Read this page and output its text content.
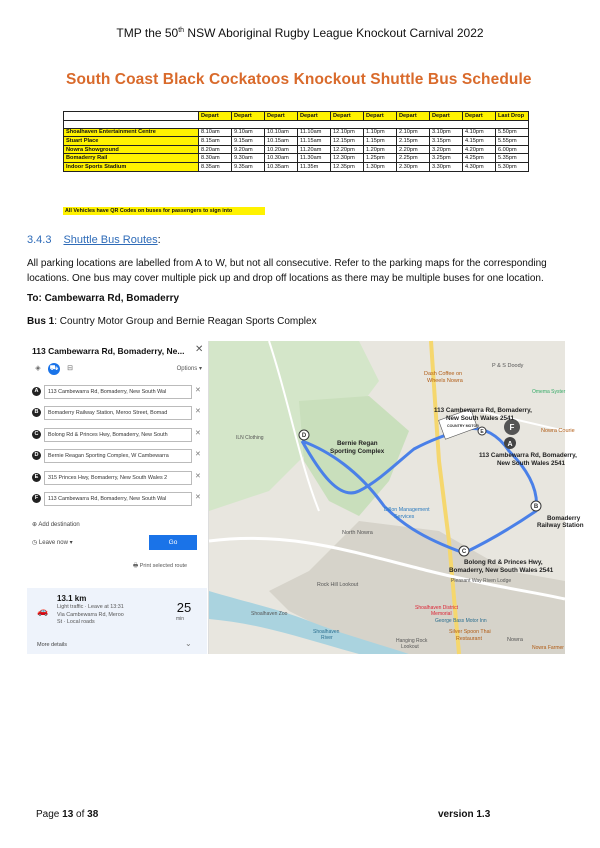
TMP the 50th NSW Aboriginal Rugby League Knockout Carnival 2022
South Coast Black Cockatoos Knockout Shuttle Bus Schedule
	Depart	Depart	Depart	Depart	Depart	Depart	Depart	Depart	Depart	Last Drop

Shoalhaven Entertainment Centre	8.10am	9.10am	10.10am	11.10am	12.10pm	1.10pm	2.10pm	3.10pm	4.10pm	5.50pm
Stuart Place	8.15am	9.15am	10.15am	11.15am	12.15pm	1.15pm	2.15pm	3.15pm	4.15pm	5.55pm
Nowra Showground	8.20am	9.20am	10.20am	11.20am	12.20pm	1.20pm	2.20pm	3.20pm	4.20pm	6.00pm
Bomaderry Rail	8.30am	9.30am	10.30am	11.30am	12.30pm	1.25pm	2.25pm	3.25pm	4.25pm	5.35pm
Indoor Sports Stadium	8.35am	9.35am	10.35am	11.35m	12.35pm	1.30pm	2.30pm	3.30pm	4.30pm	5.30pm
All Vehicles have QR Codes on buses for passengers to sign into
3.4.3 Shuttle Bus Routes:
All parking locations are labelled from A to W, but not all consecutive. Refer to the parking maps for the corresponding locations. One bus may cover multiple pick up and drop off locations as there may be multiple buses for one location.
To: Cambewarra Rd, Bomaderry
Bus 1: Country Motor Group and Bernie Reagan Sports Complex
113 Cambewarra Rd, Bomaderry, Ne...	✕
◈	⛟	⊟	Options ▾
A	113 Cambewarra Rd, Bomaderry, New South Wal	✕
B	Bomaderry Railway Station, Meroo Street, Bomad	✕
C	Bolong Rd & Princes Hwy, Bomaderry, New South	✕
D	Bernie Reagan Sporting Complex, W Cambewarra	✕
E	315 Princes Hwy, Bomaderry, New South Wales 2	✕
F	113 Cambewarra Rd, Bomaderry, New South Wal	✕
⊕ Add destination
◷ Leave now ▾	Go
🖶 Print selected route
13.1 km
🚗 Light traffic · Leave at 13:31
Via Cambewarra Rd, Meroo
St · Local roads
25
min
More details	⌄
A
F
B
C
D
E
COUNTRY MOTOR
Dash Coffee on
Wheels Nowra
P & S Doody
Omema Syster
113 Cambewarra Rd, Bomaderry,
New South Wales 2541
113 Cambewarra Rd, Bomaderry,
New South Wales 2541
Nowra Courie
Bernie Regan
Sporting Complex
ILN Clothing
Dillon Management
Services
North Nowra
Bomaderry
Railway Station
Bolong Rd & Princes Hwy,
Bomaderry, New South Wales 2541
Rock Hill Lookout
Shoalhaven Zoo
Shoalhaven
River	Hanging Rock
Lookout
Silver Spoon Thai
Restaurant	Nowra
Nowra Farmer
Shoalhaven District
Memorial
George Bass Motor Inn
Pleasant Way Riven Lodge
Page 13 of 38	version 1.3
